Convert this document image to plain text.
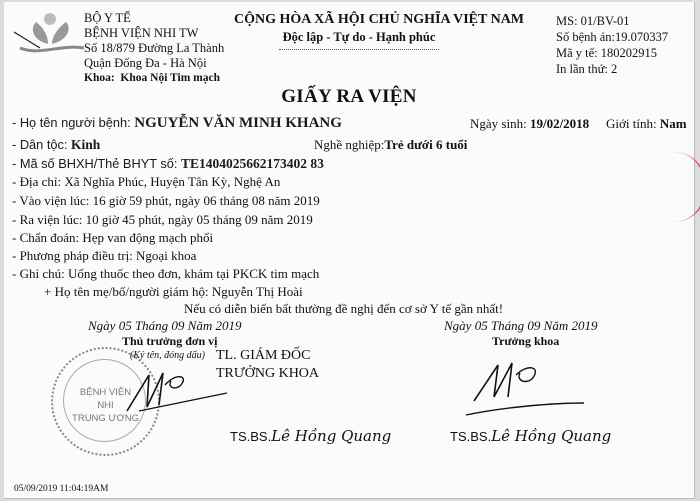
BỘ Y TẾ
BỆNH VIỆN NHI TW
Số 18/879 Đường La Thành
Quận Đống Đa - Hà Nội
Khoa: Khoa Nội Tim mạch
CỘNG HÒA XÃ HỘI CHỦ NGHĨA VIỆT NAM
Độc lập - Tự do - Hạnh phúc
MS: 01/BV-01
Số bệnh án:19.070337
Mã y tế: 180202915
In lần thứ: 2
GIẤY RA VIỆN
- Họ tên người bệnh: NGUYỄN VĂN MINH KHANG	Ngày sinh: 19/02/2018 Giới tính: Nam
- Dân tộc: Kinh	Nghề nghiệp:Trẻ dưới 6 tuổi
- Mã số BHXH/Thẻ BHYT số: TE1404025662173402 83
- Địa chỉ: Xã Nghĩa Phúc, Huyện Tân Kỳ, Nghệ An
- Vào viện lúc: 16 giờ 59 phút, ngày 06 tháng 08 năm 2019
- Ra viện lúc: 10 giờ 45 phút, ngày 05 tháng 09 năm 2019
- Chẩn đoán: Hẹp van động mạch phổi
- Phương pháp điều trị: Ngoại khoa
- Ghi chú: Uống thuốc theo đơn, khám tại PKCK tim mạch
+ Họ tên mẹ/bố/người giám hộ: Nguyễn Thị Hoài
Nếu có diễn biến bất thường đề nghị đến cơ sở Y tế gần nhất!
Ngày 05 Tháng 09 Năm 2019
Thủ trưởng đơn vị
(Ký tên, đóng dấu) TL. GIÁM ĐỐC
TRƯỞNG KHOA
BỆNH VIỆN
NHI
TRUNG ƯƠNG
TS.BS.Lê Hồng Quang
Ngày 05 Tháng 09 Năm 2019
Trưởng khoa
TS.BS.Lê Hồng Quang
05/09/2019 11:04:19AM
